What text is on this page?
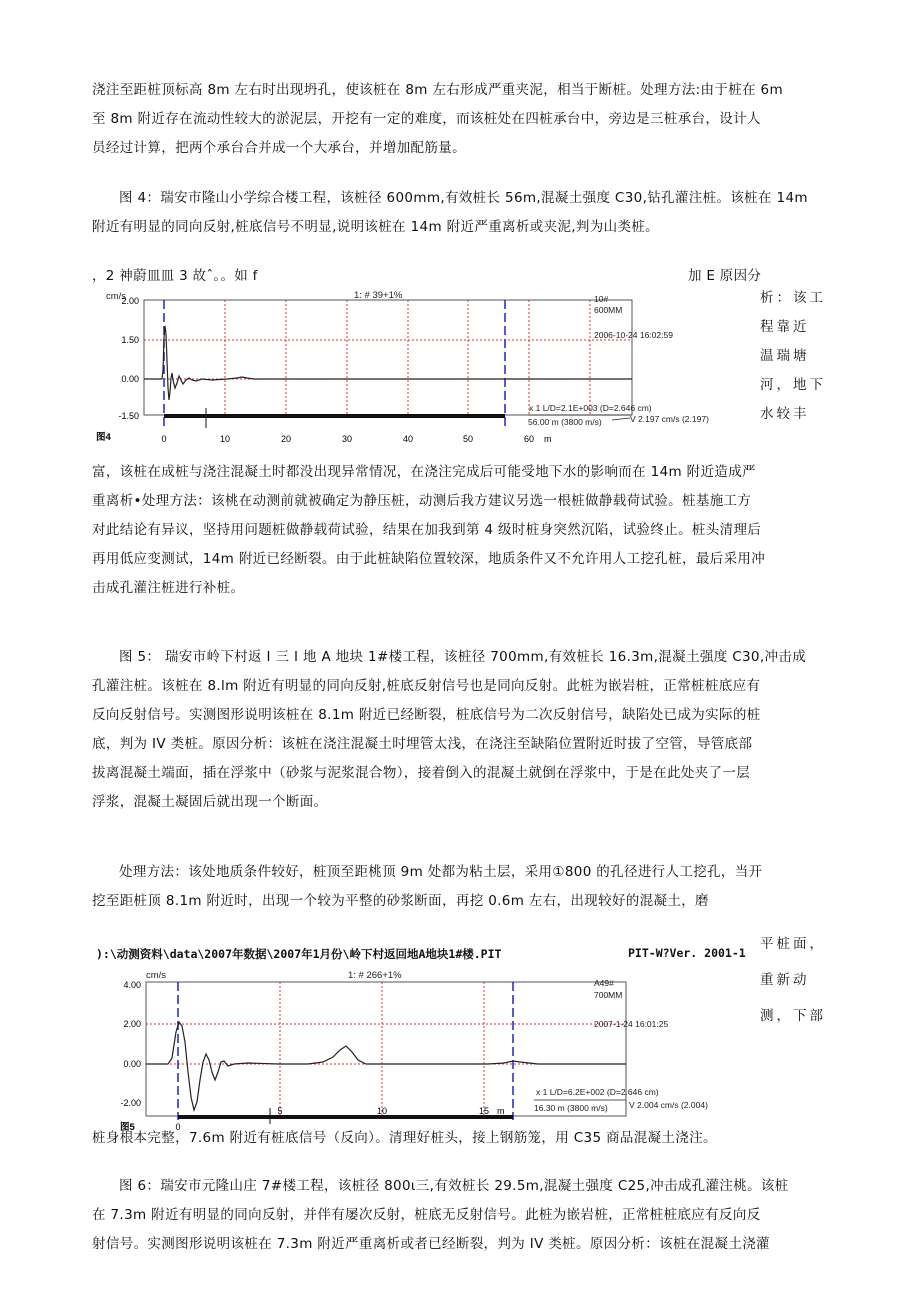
浇注至距桩顶标高 8m 左右时出现坍孔，使该桩在 8m 左右形成严重夹泥，相当于断桩。处理方法:由于桩在 6m
至 8m 附近存在流动性较大的淤泥层，开挖有一定的难度，而该桩处在四桩承台中，旁边是三桩承台，设计人
员经过计算，把两个承台合并成一个大承台，并增加配筋量。
图 4：瑞安市隆山小学综合楼工程，该桩径 600mm,有效桩长 56m,混凝土强度 C30,钻孔灌注桩。该桩在 14m
附近有明显的同向反射,桩底信号不明显,说明该桩在 14m 附近严重离析或夹泥,判为山类桩。
，2 神蔚皿皿 3 故ˆ。。如 f	加 E 原因分
析：该工
程靠近
温瑞塘
河，地下
水较丰
cm/s	1: # 39+1%	10#
600MM
2006-10-24 16:02:59
x 1 L/D=2.1E+003 (D=2.646 cm)
56.00 m (3800 m/s)	V 2.197 cm/s (2.197)
2.00
1.50
0.00
-1.50
图4	0	10	20	30	40	50	60 m
富，该桩在成桩与浇注混凝土时都没出现异常情况，在浇注完成后可能受地下水的影响而在 14m 附近造成严
重离析•处理方法：该桃在动测前就被确定为静压桩，动测后我方建议另选一根桩做静载荷试验。桩基施工方
对此结论有异议，坚持用问题桩做静载荷试验，结果在加我到第 4 级时桩身突然沉陷，试验终止。桩头清理后
再用低应变测试，14m 附近已经断裂。由于此桩缺陷位置较深，地质条件又不允许用人工挖孔桩，最后采用冲
击成孔灌注桩进行补桩。
图 5： 瑞安市岭下村返 I 三 I 地 A 地块 1#楼工程，该桩径 700mm,有效桩长 16.3m,混凝土强度 C30,冲击成
孔灌注桩。该桩在 8.lm 附近有明显的同向反射,桩底反射信号也是同向反射。此桩为嵌岩桩，正常桩桩底应有
反向反射信号。实测图形说明该桩在 8.1m 附近已经断裂，桩底信号为二次反射信号，缺陷处已成为实际的桩
底，判为 IV 类桩。原因分析：该桩在浇注混凝土时埋管太浅，在浇注至缺陷位置附近时拔了空管，导管底部
拔离混凝土端面，插在浮浆中（砂浆与泥浆混合物），接着倒入的混凝土就倒在浮浆中，于是在此处夹了一层
浮浆，混凝土凝固后就出现一个断面。
处理方法：该处地质条件较好，桩顶至距桃顶 9m 处都为粘土层，采用①800 的孔径进行人工挖孔，当开
挖至距桩顶 8.1m 附近时，出现一个较为平整的砂浆断面，再挖 0.6m 左右，出现较好的混凝土，磨
):\动测资料\data\2007年数据\2007年1月份\岭下村返回地A地块1#楼.PIT	PIT-W?Ver. 2001-1
平桩面，
重新动
测，下部
cm/s	1: # 266+1%
A49#
700MM
2007-1-24 16:01:25
x 1 L/D=6.2E+002 (D=2.646 cm)
16.30 m (3800 m/s)	V 2.004 cm/s (2.004)
4.00
2.00
0.00
-2.00
图5	0
5	10	15 m
桩身根本完整，7.6m 附近有桩底信号（反向）。清理好桩头，接上钢筋笼，用 C35 商品混凝土浇注。
图 6：瑞安市元隆山庄 7#楼工程，该桩径 800ι三,有效桩长 29.5m,混凝土强度 C25,冲击成孔灌注桃。该桩
在 7.3m 附近有明显的同向反射，并伴有屡次反射，桩底无反射信号。此桩为嵌岩桩，正常桩桩底应有反向反
射信号。实测图形说明该桩在 7.3m 附近严重离析或者已经断裂，判为 IV 类桩。原因分析：该桩在混凝土浇灌
